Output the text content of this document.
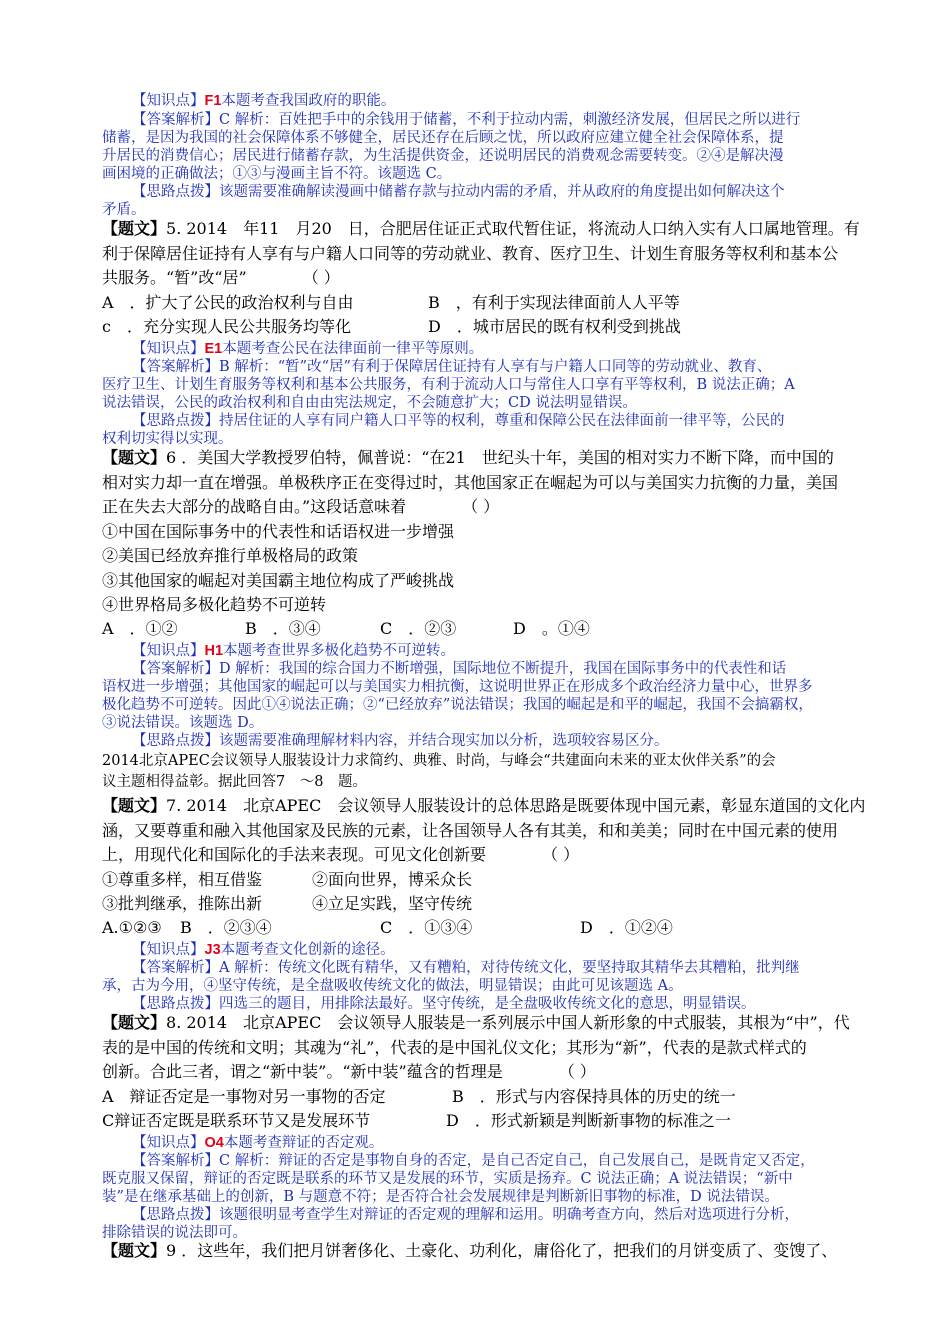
【知识点】F1本题考查我国政府的职能。
【答案解析】C 解析：百姓把手中的余钱用于储蓄，不利于拉动内需，刺激经济发展，但居民之所以进行
储蓄，是因为我国的社会保障体系不够健全，居民还存在后顾之忧，所以政府应建立健全社会保障体系，提
升居民的消费信心；居民进行储蓄存款，为生活提供资金，还说明居民的消费观念需要转变。②④是解决漫
画困境的正确做法；①③与漫画主旨不符。该题选 C。
【思路点拨】该题需要准确解读漫画中储蓄存款与拉动内需的矛盾，并从政府的角度提出如何解决这个
矛盾。
【题文】5. 2014　年11　月20　日，合肥居住证正式取代暂住证，将流动人口纳入实有人口属地管理。有
利于保障居住证持有人享有与户籍人口同等的劳动就业、教育、医疗卫生、计划生育服务等权利和基本公
共服务。“暂”改“居”　　　　（ ）
A　．扩大了公民的政治权利与自由	B　，有利于实现法律面前人人平等
c　．充分实现人民公共服务均等化	D　．城市居民的既有权利受到挑战
【知识点】E1本题考查公民在法律面前一律平等原则。
【答案解析】B 解析：“暂”改“居”有利于保障居住证持有人享有与户籍人口同等的劳动就业、教育、
医疗卫生、计划生育服务等权利和基本公共服务，有利于流动人口与常住人口享有平等权利，B 说法正确；A
说法错误，公民的政治权利和自由由宪法规定，不会随意扩大；CD 说法明显错误。
【思路点拨】持居住证的人享有同户籍人口平等的权利，尊重和保障公民在法律面前一律平等，公民的
权利切实得以实现。
【题文】6 ．美国大学教授罗伯特，佩普说：“在21　世纪头十年，美国的相对实力不断下降，而中国的
相对实力却一直在增强。单极秩序正在变得过时，其他国家正在崛起为可以与美国实力抗衡的力量，美国
正在失去大部分的战略自由。”这段话意味着　　　　（ ）
①中国在国际事务中的代表性和话语权进一步增强
②美国已经放弃推行单极格局的政策
③其他国家的崛起对美国霸主地位构成了严峻挑战
④世界格局多极化趋势不可逆转
A　．①②	B　．③④	C　．②③	D　。①④
【知识点】H1本题考查世界多极化趋势不可逆转。
【答案解析】D 解析：我国的综合国力不断增强，国际地位不断提升，我国在国际事务中的代表性和话
语权进一步增强；其他国家的崛起可以与美国实力相抗衡，这说明世界正在形成多个政治经济力量中心，世界多
极化趋势不可逆转。因此①④说法正确；②“已经放弃”说法错误；我国的崛起是和平的崛起，我国不会搞霸权，
③说法错误。该题选 D。
【思路点拨】该题需要准确理解材料内容，并结合现实加以分析，选项较容易区分。
2014北京APEC会议领导人服装设计力求简约、典雅、时尚，与峰会“共建面向未来的亚太伙伴关系”的会
议主题相得益彰。据此回答7　～8　题。
【题文】7. 2014　北京APEC　会议领导人服装设计的总体思路是既要体现中国元素，彰显东道国的文化内
涵，又要尊重和融入其他国家及民族的元素，让各国领导人各有其美，和和美美；同时在中国元素的使用
上，用现代化和国际化的手法来表现。可见文化创新要　　　　（ ）
①尊重多样，相互借鉴	②面向世界，博采众长
③批判继承，推陈出新	④立足实践，坚守传统
A.①②③ B　．②③④	C　．①③④	D　．①②④
【知识点】J3本题考查文化创新的途径。
【答案解析】A 解析：传统文化既有精华，又有糟粕，对待传统文化，要坚持取其精华去其糟粕，批判继
承，古为今用，④坚守传统，是全盘吸收传统文化的做法，明显错误；由此可见该题选 A。
【思路点拨】四选三的题目，用排除法最好。坚守传统，是全盘吸收传统文化的意思，明显错误。
【题文】8. 2014　北京APEC　会议领导人服装是一系列展示中国人新形象的中式服装，其根为“中”，代
表的是中国的传统和文明；其魂为“礼”，代表的是中国礼仪文化；其形为“新”，代表的是款式样式的
创新。合此三者，谓之“新中装”。“新中装”蕴含的哲理是　　　　（ ）
A　辩证否定是一事物对另一事物的否定	B　．形式与内容保持具体的历史的统一
C辩证否定既是联系环节又是发展环节	D　．形式新颖是判断新事物的标准之一
【知识点】O4本题考查辩证的否定观。
【答案解析】C 解析：辩证的否定是事物自身的否定，是自己否定自己，自己发展自己，是既肯定又否定，
既克服又保留，辩证的否定既是联系的环节又是发展的环节，实质是扬弃。C 说法正确；A 说法错误；“新中
装”是在继承基础上的创新，B 与题意不符；是否符合社会发展规律是判断新旧事物的标准，D 说法错误。
【思路点拨】该题很明显考查学生对辩证的否定观的理解和运用。明确考查方向，然后对选项进行分析，
排除错误的说法即可。
【题文】9 ．这些年，我们把月饼奢侈化、土豪化、功利化，庸俗化了，把我们的月饼变质了、变馊了、
